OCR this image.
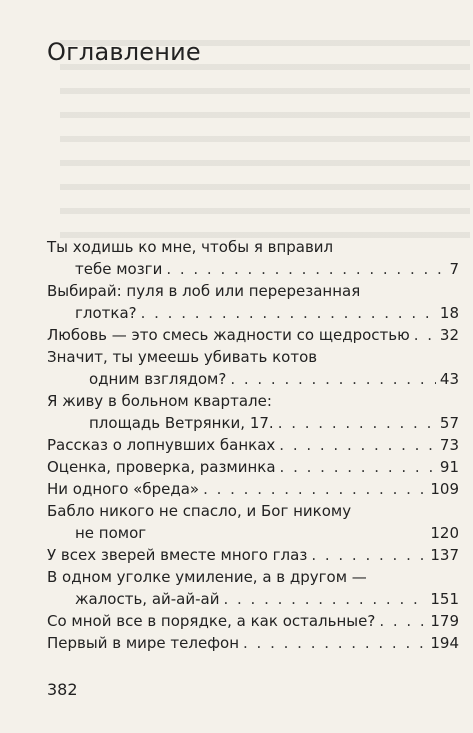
Оглавление
Ты ходишь ко мне, чтобы я вправил
тебе мозги . . .	7
Выбирай: пуля в лоб или перерезанная
глотка? . . .	18
Любовь — это смесь жадности со щедростью . . . 32
Значит, ты умеешь убивать котов
одним взглядом? . . .	43
Я живу в больном квартале:
площадь Ветрянки, 17. . . .	57
Рассказ о лопнувших банках . . .	73
Оценка, проверка, разминка . . .	91
Ни одного «бреда» . . .	109
Бабло никого не спасло, и Бог никому
не помог	120
У всех зверей вместе много глаз . . .	137
В одном уголке умиление, а в другом —
жалость, ай-ай-ай . . .	151
Со мной все в порядке, а как остальные? . . .	179
Первый в мире телефон . . .	194
382
